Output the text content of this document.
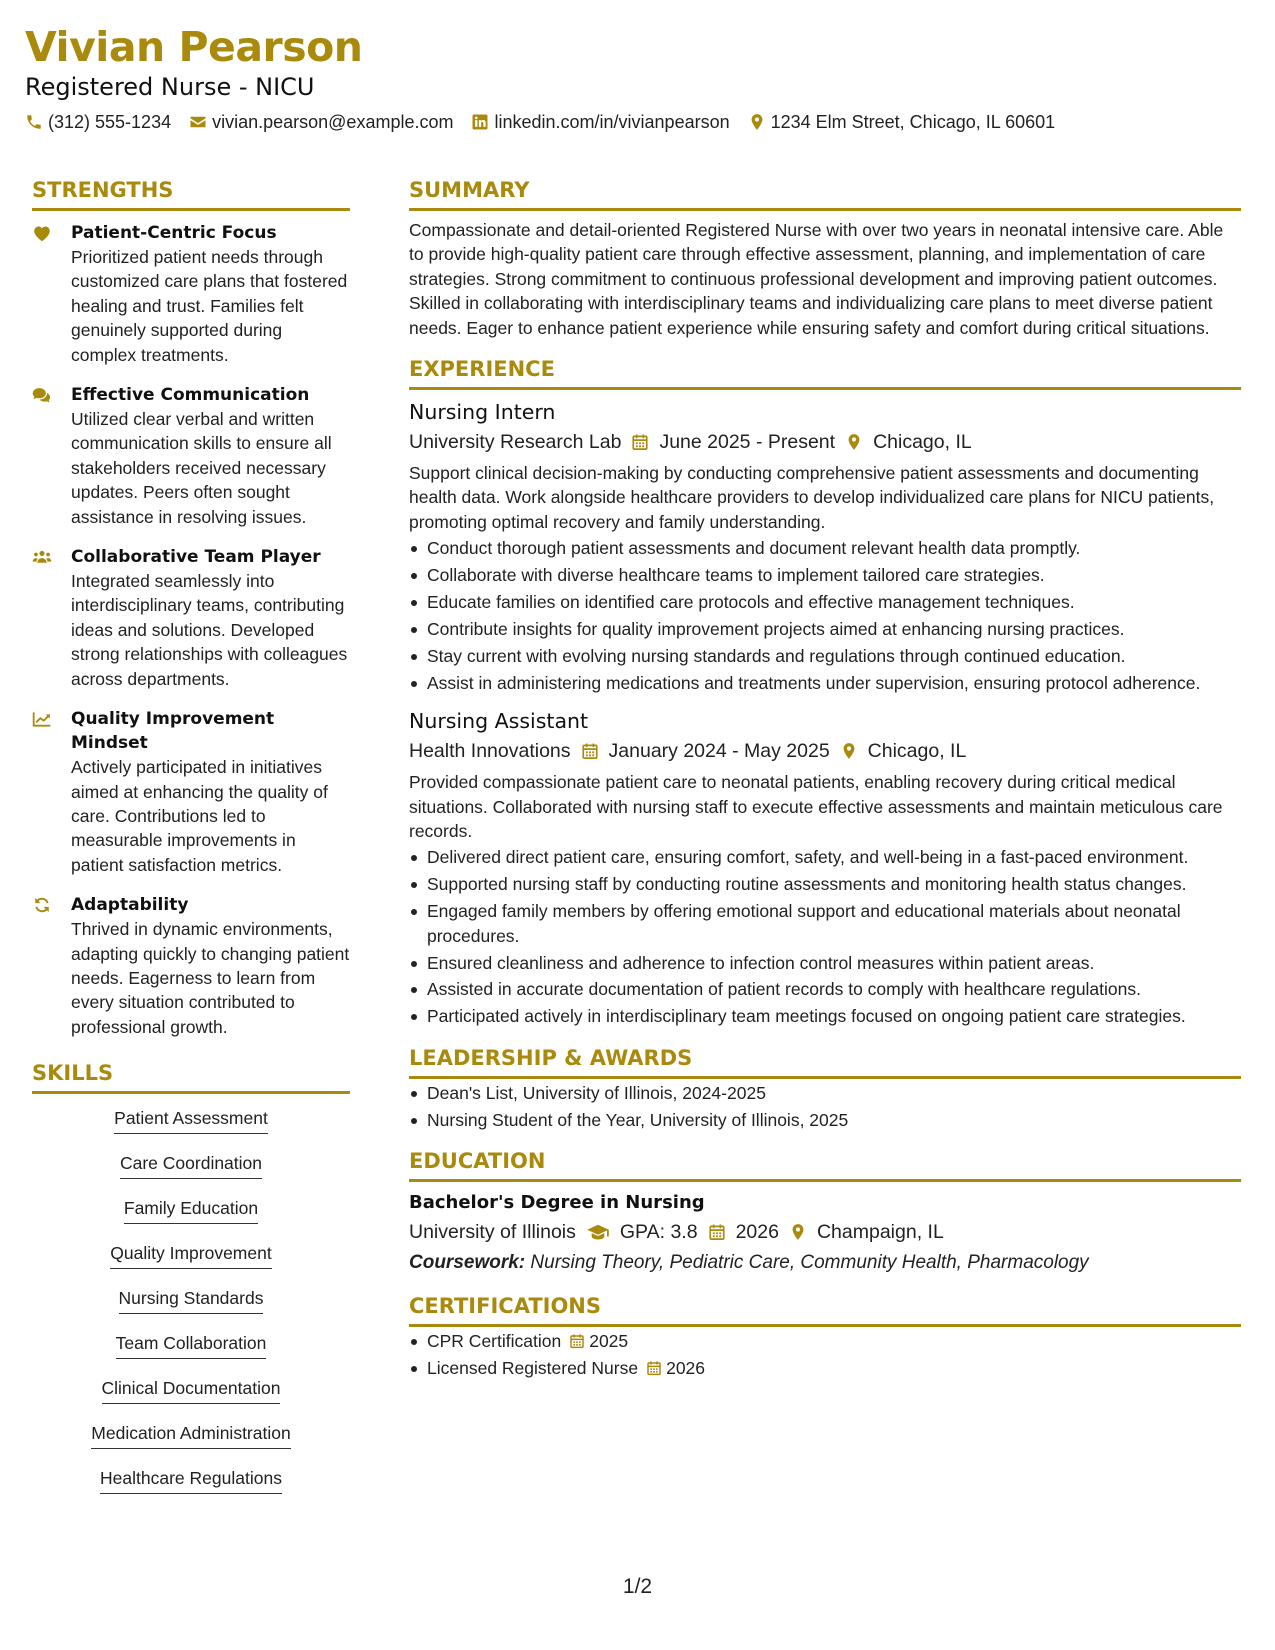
Vivian Pearson
Registered Nurse - NICU
(312) 555-1234 vivian.pearson@example.com linkedin.com/in/vivianpearson 1234 Elm Street, Chicago, IL 60601
STRENGTHS
Patient-Centric Focus
Prioritized patient needs through customized care plans that fostered healing and trust. Families felt genuinely supported during complex treatments.
Effective Communication
Utilized clear verbal and written communication skills to ensure all stakeholders received necessary updates. Peers often sought assistance in resolving issues.
Collaborative Team Player
Integrated seamlessly into interdisciplinary teams, contributing ideas and solutions. Developed strong relationships with colleagues across departments.
Quality Improvement Mindset
Actively participated in initiatives aimed at enhancing the quality of care. Contributions led to measurable improvements in patient satisfaction metrics.
Adaptability
Thrived in dynamic environments, adapting quickly to changing patient needs. Eagerness to learn from every situation contributed to professional growth.
SKILLS
Patient Assessment
Care Coordination
Family Education
Quality Improvement
Nursing Standards
Team Collaboration
Clinical Documentation
Medication Administration
Healthcare Regulations
SUMMARY
Compassionate and detail-oriented Registered Nurse with over two years in neonatal intensive care. Able to provide high-quality patient care through effective assessment, planning, and implementation of care strategies. Strong commitment to continuous professional development and improving patient outcomes. Skilled in collaborating with interdisciplinary teams and individualizing care plans to meet diverse patient needs. Eager to enhance patient experience while ensuring safety and comfort during critical situations.
EXPERIENCE
Nursing Intern
University Research Lab June 2025 - Present Chicago, IL
Support clinical decision-making by conducting comprehensive patient assessments and documenting health data. Work alongside healthcare providers to develop individualized care plans for NICU patients, promoting optimal recovery and family understanding.
Conduct thorough patient assessments and document relevant health data promptly.
Collaborate with diverse healthcare teams to implement tailored care strategies.
Educate families on identified care protocols and effective management techniques.
Contribute insights for quality improvement projects aimed at enhancing nursing practices.
Stay current with evolving nursing standards and regulations through continued education.
Assist in administering medications and treatments under supervision, ensuring protocol adherence.
Nursing Assistant
Health Innovations January 2024 - May 2025 Chicago, IL
Provided compassionate patient care to neonatal patients, enabling recovery during critical medical situations. Collaborated with nursing staff to execute effective assessments and maintain meticulous care records.
Delivered direct patient care, ensuring comfort, safety, and well-being in a fast-paced environment.
Supported nursing staff by conducting routine assessments and monitoring health status changes.
Engaged family members by offering emotional support and educational materials about neonatal procedures.
Ensured cleanliness and adherence to infection control measures within patient areas.
Assisted in accurate documentation of patient records to comply with healthcare regulations.
Participated actively in interdisciplinary team meetings focused on ongoing patient care strategies.
LEADERSHIP & AWARDS
Dean's List, University of Illinois, 2024-2025
Nursing Student of the Year, University of Illinois, 2025
EDUCATION
Bachelor's Degree in Nursing
University of Illinois GPA: 3.8 2026 Champaign, IL
Coursework: Nursing Theory, Pediatric Care, Community Health, Pharmacology
CERTIFICATIONS
CPR Certification 2025
Licensed Registered Nurse 2026
1/2
